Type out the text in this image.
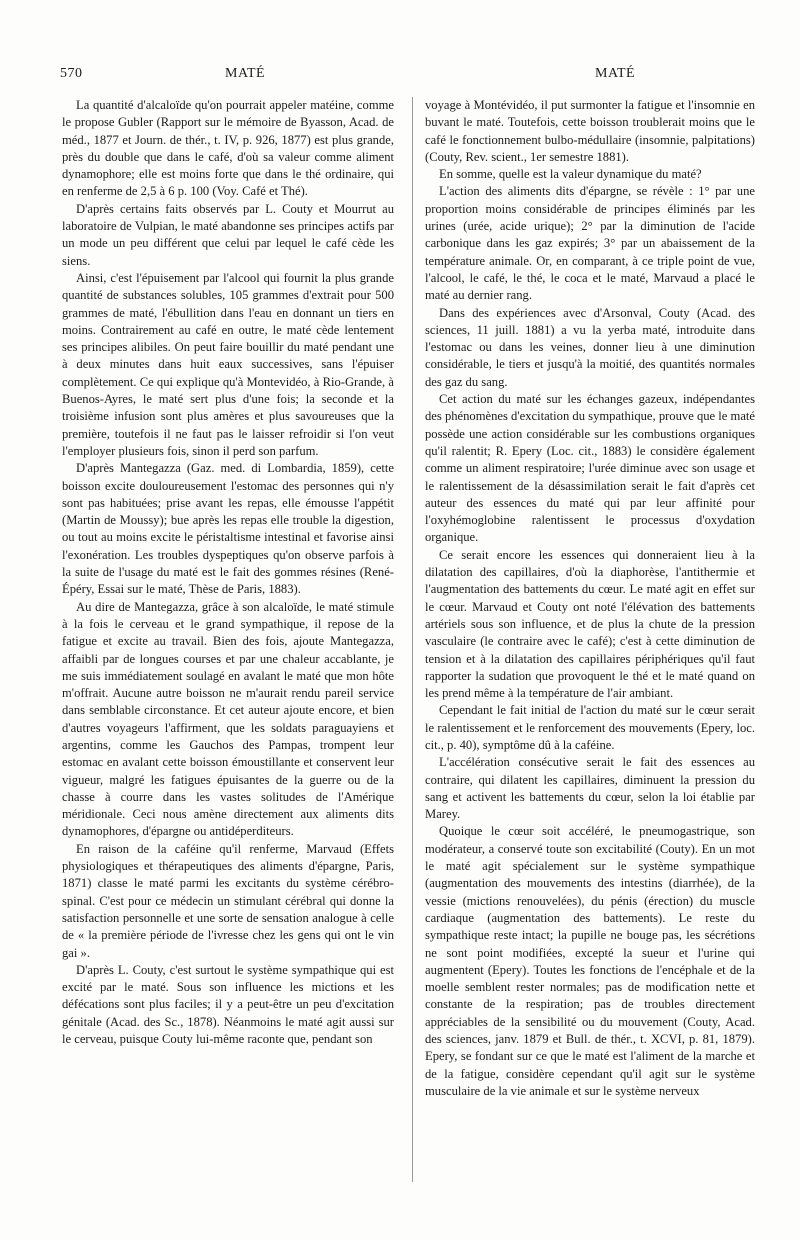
570	MATÉ	MATÉ

La quantité d'alcaloïde qu'on pourrait appeler matéine, comme le propose Gubler (Rapport sur le mémoire de Byasson, Acad. de méd., 1877 et Journ. de thér., t. IV, p. 926, 1877) est plus grande, près du double que dans le café, d'où sa valeur comme aliment dynamophore; elle est moins forte que dans le thé ordinaire, qui en renferme de 2,5 à 6 p. 100 (Voy. Café et Thé).

D'après certains faits observés par L. Couty et Mourrut au laboratoire de Vulpian, le maté abandonne ses principes actifs par un mode un peu différent que celui par lequel le café cède les siens.

Ainsi, c'est l'épuisement par l'alcool qui fournit la plus grande quantité de substances solubles, 105 grammes d'extrait pour 500 grammes de maté, l'ébullition dans l'eau en donnant un tiers en moins. Contrairement au café en outre, le maté cède lentement ses principes alibiles. On peut faire bouillir du maté pendant une à deux minutes dans huit eaux successives, sans l'épuiser complètement. Ce qui explique qu'à Montevidéo, à Rio-Grande, à Buenos-Ayres, le maté sert plus d'une fois; la seconde et la troisième infusion sont plus amères et plus savoureuses que la première, toutefois il ne faut pas le laisser refroidir si l'on veut l'employer plusieurs fois, sinon il perd son parfum.

D'après Mantegazza (Gaz. med. di Lombardia, 1859), cette boisson excite douloureusement l'estomac des personnes qui n'y sont pas habituées; prise avant les repas, elle émousse l'appétit (Martin de Moussy); bue après les repas elle trouble la digestion, ou tout au moins excite le péristaltisme intestinal et favorise ainsi l'exonération. Les troubles dyspeptiques qu'on observe parfois à la suite de l'usage du maté est le fait des gommes résines (René-Épéry, Essai sur le maté, Thèse de Paris, 1883).

Au dire de Mantegazza, grâce à son alcaloïde, le maté stimule à la fois le cerveau et le grand sympathique, il repose de la fatigue et excite au travail. Bien des fois, ajoute Mantegazza, affaibli par de longues courses et par une chaleur accablante, je me suis immédiatement soulagé en avalant le maté que mon hôte m'offrait. Aucune autre boisson ne m'aurait rendu pareil service dans semblable circonstance. Et cet auteur ajoute encore, et bien d'autres voyageurs l'affirment, que les soldats paraguayiens et argentins, comme les Gauchos des Pampas, trompent leur estomac en avalant cette boisson émoustillante et conservent leur vigueur, malgré les fatigues épuisantes de la guerre ou de la chasse à courre dans les vastes solitudes de l'Amérique méridionale. Ceci nous amène directement aux aliments dits dynamophores, d'épargne ou antidéperditeurs.

En raison de la caféine qu'il renferme, Marvaud (Effets physiologiques et thérapeutiques des aliments d'épargne, Paris, 1871) classe le maté parmi les excitants du système cérébro-spinal. C'est pour ce médecin un stimulant cérébral qui donne la satisfaction personnelle et une sorte de sensation analogue à celle de « la première période de l'ivresse chez les gens qui ont le vin gai ».

D'après L. Couty, c'est surtout le système sympathique qui est excité par le maté. Sous son influence les mictions et les défécations sont plus faciles; il y a peut-être un peu d'excitation génitale (Acad. des Sc., 1878). Néanmoins le maté agit aussi sur le cerveau, puisque Couty lui-même raconte que, pendant son

voyage à Montévidéo, il put surmonter la fatigue et l'insomnie en buvant le maté. Toutefois, cette boisson troublerait moins que le café le fonctionnement bulbo-médullaire (insomnie, palpitations) (Couty, Rev. scient., 1er semestre 1881).

En somme, quelle est la valeur dynamique du maté?

L'action des aliments dits d'épargne, se révèle : 1° par une proportion moins considérable de principes éliminés par les urines (urée, acide urique); 2° par la diminution de l'acide carbonique dans les gaz expirés; 3° par un abaissement de la température animale. Or, en comparant, à ce triple point de vue, l'alcool, le café, le thé, le coca et le maté, Marvaud a placé le maté au dernier rang.

Dans des expériences avec d'Arsonval, Couty (Acad. des sciences, 11 juill. 1881) a vu la yerba maté, introduite dans l'estomac ou dans les veines, donner lieu à une diminution considérable, le tiers et jusqu'à la moitié, des quantités normales des gaz du sang.

Cet action du maté sur les échanges gazeux, indépendantes des phénomènes d'excitation du sympathique, prouve que le maté possède une action considérable sur les combustions organiques qu'il ralentit; R. Epery (Loc. cit., 1883) le considère également comme un aliment respiratoire; l'urée diminue avec son usage et le ralentissement de la désassimilation serait le fait d'après cet auteur des essences du maté qui par leur affinité pour l'oxyhémoglobine ralentissent le processus d'oxydation organique.

Ce serait encore les essences qui donneraient lieu à la dilatation des capillaires, d'où la diaphorèse, l'antithermie et l'augmentation des battements du cœur. Le maté agit en effet sur le cœur. Marvaud et Couty ont noté l'élévation des battements artériels sous son influence, et de plus la chute de la pression vasculaire (le contraire avec le café); c'est à cette diminution de tension et à la dilatation des capillaires périphériques qu'il faut rapporter la sudation que provoquent le thé et le maté quand on les prend même à la température de l'air ambiant.

Cependant le fait initial de l'action du maté sur le cœur serait le ralentissement et le renforcement des mouvements (Epery, loc. cit., p. 40), symptôme dû à la caféine.

L'accélération consécutive serait le fait des essences au contraire, qui dilatent les capillaires, diminuent la pression du sang et activent les battements du cœur, selon la loi établie par Marey.

Quoique le cœur soit accéléré, le pneumogastrique, son modérateur, a conservé toute son excitabilité (Couty). En un mot le maté agit spécialement sur le système sympathique (augmentation des mouvements des intestins (diarrhée), de la vessie (mictions renouvelées), du pénis (érection) du muscle cardiaque (augmentation des battements). Le reste du sympathique reste intact; la pupille ne bouge pas, les sécrétions ne sont point modifiées, excepté la sueur et l'urine qui augmentent (Epery). Toutes les fonctions de l'encéphale et de la moelle semblent rester normales; pas de modification nette et constante de la respiration; pas de troubles directement appréciables de la sensibilité ou du mouvement (Couty, Acad. des sciences, janv. 1879 et Bull. de thér., t. XCVI, p. 81, 1879). Epery, se fondant sur ce que le maté est l'aliment de la marche et de la fatigue, considère cependant qu'il agit sur le système musculaire de la vie animale et sur le système nerveux
